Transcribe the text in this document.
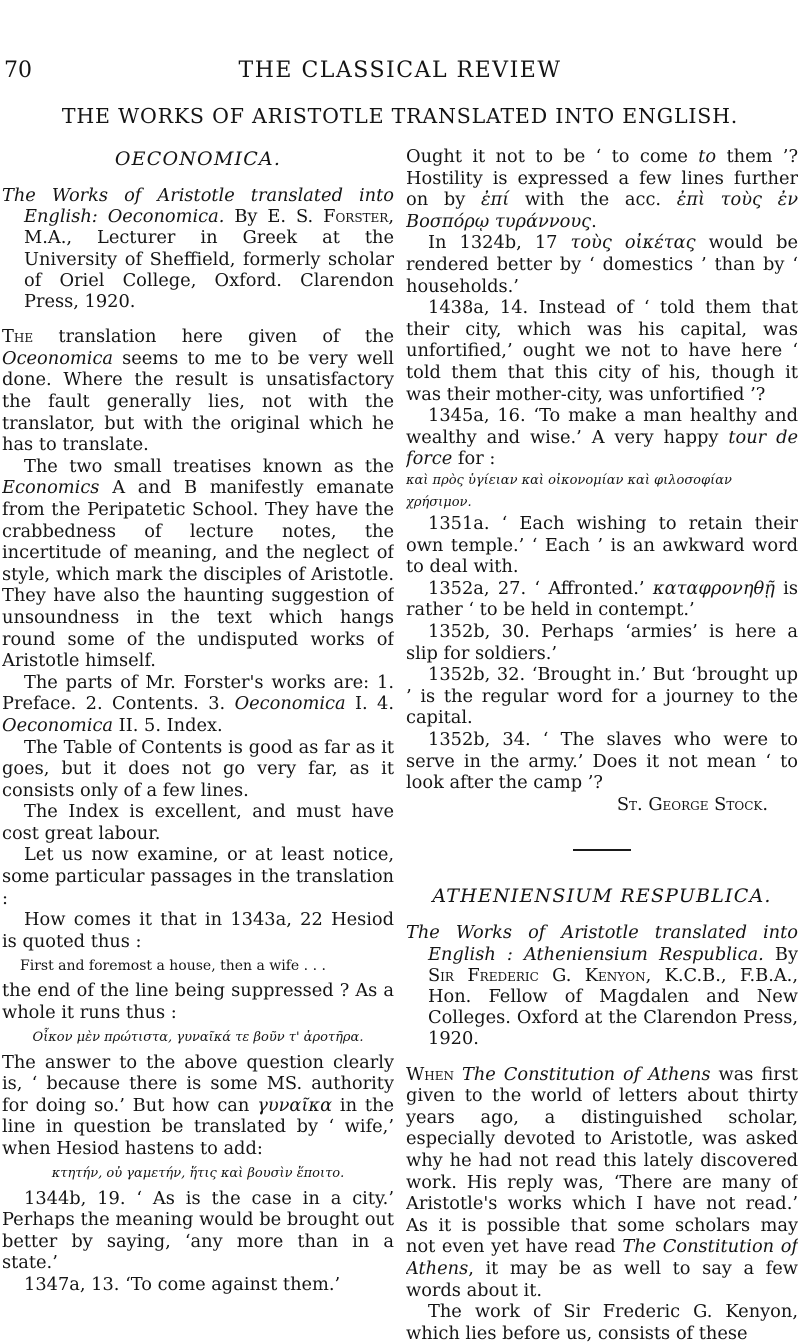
70	THE CLASSICAL REVIEW
THE WORKS OF ARISTOTLE TRANSLATED INTO ENGLISH.
OECONOMICA.

The Works of Aristotle translated into English: Oeconomica. By E. S. Forster, M.A., Lecturer in Greek at the University of Sheffield, formerly scholar of Oriel College, Oxford. Clarendon Press, 1920.

The translation here given of the Oceonomica seems to me to be very well done. Where the result is unsatisfactory the fault generally lies, not with the translator, but with the original which he has to translate.

The two small treatises known as the Economics A and B manifestly emanate from the Peripatetic School. They have the crabbedness of lecture notes, the incertitude of meaning, and the neglect of style, which mark the disciples of Aristotle. They have also the haunting suggestion of unsoundness in the text which hangs round some of the undisputed works of Aristotle himself.

The parts of Mr. Forster's works are: 1. Preface. 2. Contents. 3. Oeconomica I. 4. Oeconomica II. 5. Index.

The Table of Contents is good as far as it goes, but it does not go very far, as it consists only of a few lines.

The Index is excellent, and must have cost great labour.

Let us now examine, or at least notice, some particular passages in the translation :

How comes it that in 1343a, 22 Hesiod is quoted thus :

First and foremost a house, then a wife . . .

the end of the line being suppressed ? As a whole it runs thus :

Οἶκον μὲν πρώτιστα, γυναῖκά τε βοῦν τ' ἀροτῆρα.

The answer to the above question clearly is, ‘ because there is some MS. authority for doing so.’ But how can γυναῖκα in the line in question be translated by ‘ wife,’ when Hesiod hastens to add:

κτητήν, οὐ γαμετήν, ἥτις καὶ βουσὶν ἕποιτο.

1344b, 19. ‘ As is the case in a city.’ Perhaps the meaning would be brought out better by saying, ‘any more than in a state.’

1347a, 13. ‘To come against them.’

Ought it not to be ‘ to come to them ’? Hostility is expressed a few lines further on by ἐπί with the acc. ἐπὶ τοὺς ἐν Βοσπόρῳ τυράννους.

In 1324b, 17 τοὺς οἰκέτας would be rendered better by ‘ domestics ’ than by ‘ households.’

1438a, 14. Instead of ‘ told them that their city, which was his capital, was unfortified,’ ought we not to have here ‘ told them that this city of his, though it was their mother-city, was unfortified ’?

1345a, 16. ‘To make a man healthy and wealthy and wise.’ A very happy tour de force for :

καὶ πρὸς ὑγίειαν καὶ οἰκονομίαν καὶ φιλοσοφίαν χρήσιμον.

1351a. ‘ Each wishing to retain their own temple.’ ‘ Each ’ is an awkward word to deal with.

1352a, 27. ‘ Affronted.’ καταφρονηθῇ is rather ‘ to be held in contempt.’

1352b, 30. Perhaps ‘armies’ is here a slip for soldiers.’

1352b, 32. ‘Brought in.’ But ‘brought up ’ is the regular word for a journey to the capital.

1352b, 34. ‘ The slaves who were to serve in the army.’ Does it not mean ‘ to look after the camp ’?

St. George Stock.

ATHENIENSIUM RESPUBLICA.

The Works of Aristotle translated into English : Atheniensium Respublica. By Sir Frederic G. Kenyon, K.C.B., F.B.A., Hon. Fellow of Magdalen and New Colleges. Oxford at the Clarendon Press, 1920.

When The Constitution of Athens was first given to the world of letters about thirty years ago, a distinguished scholar, especially devoted to Aristotle, was asked why he had not read this lately discovered work. His reply was, ‘There are many of Aristotle's works which I have not read.’ As it is possible that some scholars may not even yet have read The Constitution of Athens, it may be as well to say a few words about it.

The work of Sir Frederic G. Kenyon, which lies before us, consists of these
